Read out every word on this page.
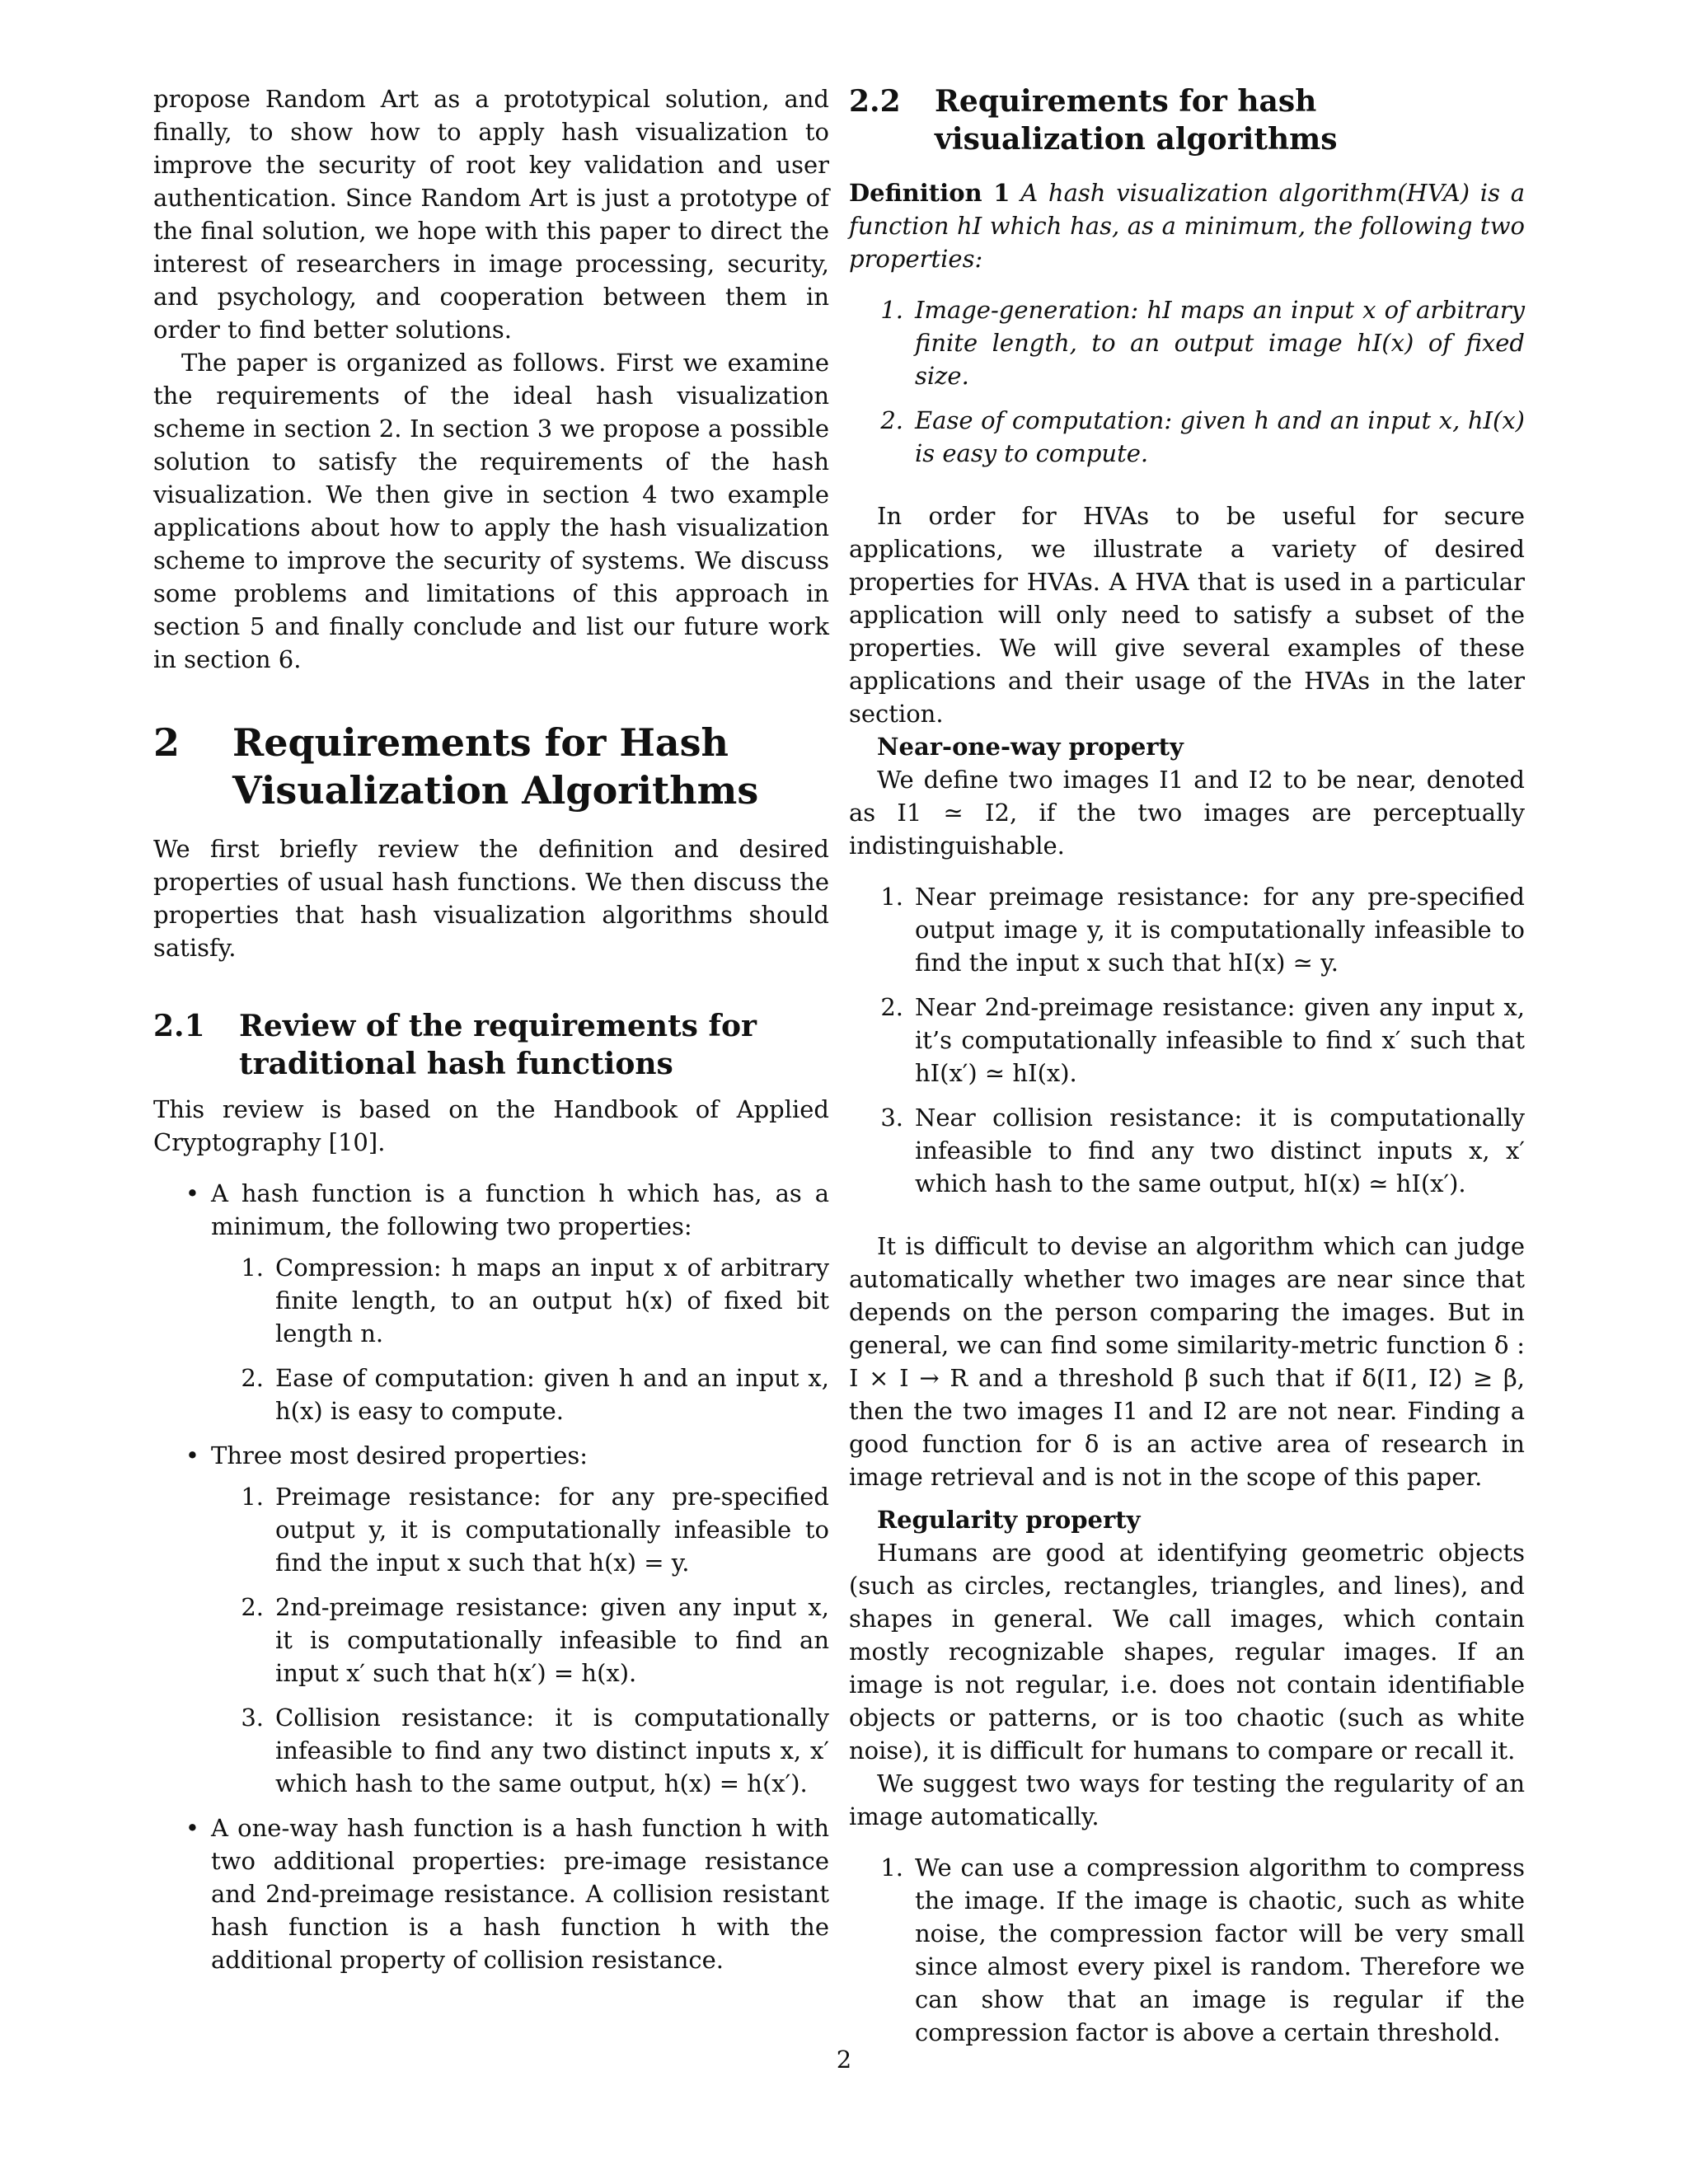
propose Random Art as a prototypical solution, and finally, to show how to apply hash visualization to improve the security of root key validation and user authentication. Since Random Art is just a prototype of the final solution, we hope with this paper to direct the interest of researchers in image processing, security, and psychology, and cooperation between them in order to find better solutions.

The paper is organized as follows. First we examine the requirements of the ideal hash visualization scheme in section 2. In section 3 we propose a possible solution to satisfy the requirements of the hash visualization. We then give in section 4 two example applications about how to apply the hash visualization scheme to improve the security of systems. We discuss some problems and limitations of this approach in section 5 and finally conclude and list our future work in section 6.

2	Requirements for Hash Visualization Algorithms

We first briefly review the definition and desired properties of usual hash functions. We then discuss the properties that hash visualization algorithms should satisfy.

2.1	Review of the requirements for traditional hash functions

This review is based on the Handbook of Applied Cryptography [10].

• A hash function is a function h which has, as a minimum, the following two properties:
1. Compression: h maps an input x of arbitrary finite length, to an output h(x) of fixed bit length n.
2. Ease of computation: given h and an input x, h(x) is easy to compute.
• Three most desired properties:
1. Preimage resistance: for any pre-specified output y, it is computationally infeasible to find the input x such that h(x) = y.
2. 2nd-preimage resistance: given any input x, it is computationally infeasible to find an input x′ such that h(x′) = h(x).
3. Collision resistance: it is computationally infeasible to find any two distinct inputs x, x′ which hash to the same output, h(x) = h(x′).
• A one-way hash function is a hash function h with two additional properties: pre-image resistance and 2nd-preimage resistance. A collision resistant hash function is a hash function h with the additional property of collision resistance.
2.2	Requirements for hash visualization algorithms

Definition 1 A hash visualization algorithm(HVA) is a function hI which has, as a minimum, the following two properties:

1. Image-generation: hI maps an input x of arbitrary finite length, to an output image hI(x) of fixed size.
2. Ease of computation: given h and an input x, hI(x) is easy to compute.

In order for HVAs to be useful for secure applications, we illustrate a variety of desired properties for HVAs. A HVA that is used in a particular application will only need to satisfy a subset of the properties. We will give several examples of these applications and their usage of the HVAs in the later section.

Near-one-way property

We define two images I1 and I2 to be near, denoted as I1 ≃ I2, if the two images are perceptually indistinguishable.

1. Near preimage resistance: for any pre-specified output image y, it is computationally infeasible to find the input x such that hI(x) ≃ y.
2. Near 2nd-preimage resistance: given any input x, it’s computationally infeasible to find x′ such that hI(x′) ≃ hI(x).
3. Near collision resistance: it is computationally infeasible to find any two distinct inputs x, x′ which hash to the same output, hI(x) ≃ hI(x′).

It is difficult to devise an algorithm which can judge automatically whether two images are near since that depends on the person comparing the images. But in general, we can find some similarity-metric function δ : I × I → R and a threshold β such that if δ(I1, I2) ≥ β, then the two images I1 and I2 are not near. Finding a good function for δ is an active area of research in image retrieval and is not in the scope of this paper.

Regularity property

Humans are good at identifying geometric objects (such as circles, rectangles, triangles, and lines), and shapes in general. We call images, which contain mostly recognizable shapes, regular images. If an image is not regular, i.e. does not contain identifiable objects or patterns, or is too chaotic (such as white noise), it is difficult for humans to compare or recall it.

We suggest two ways for testing the regularity of an image automatically.

1. We can use a compression algorithm to compress the image. If the image is chaotic, such as white noise, the compression factor will be very small since almost every pixel is random. Therefore we can show that an image is regular if the compression factor is above a certain threshold.
2
